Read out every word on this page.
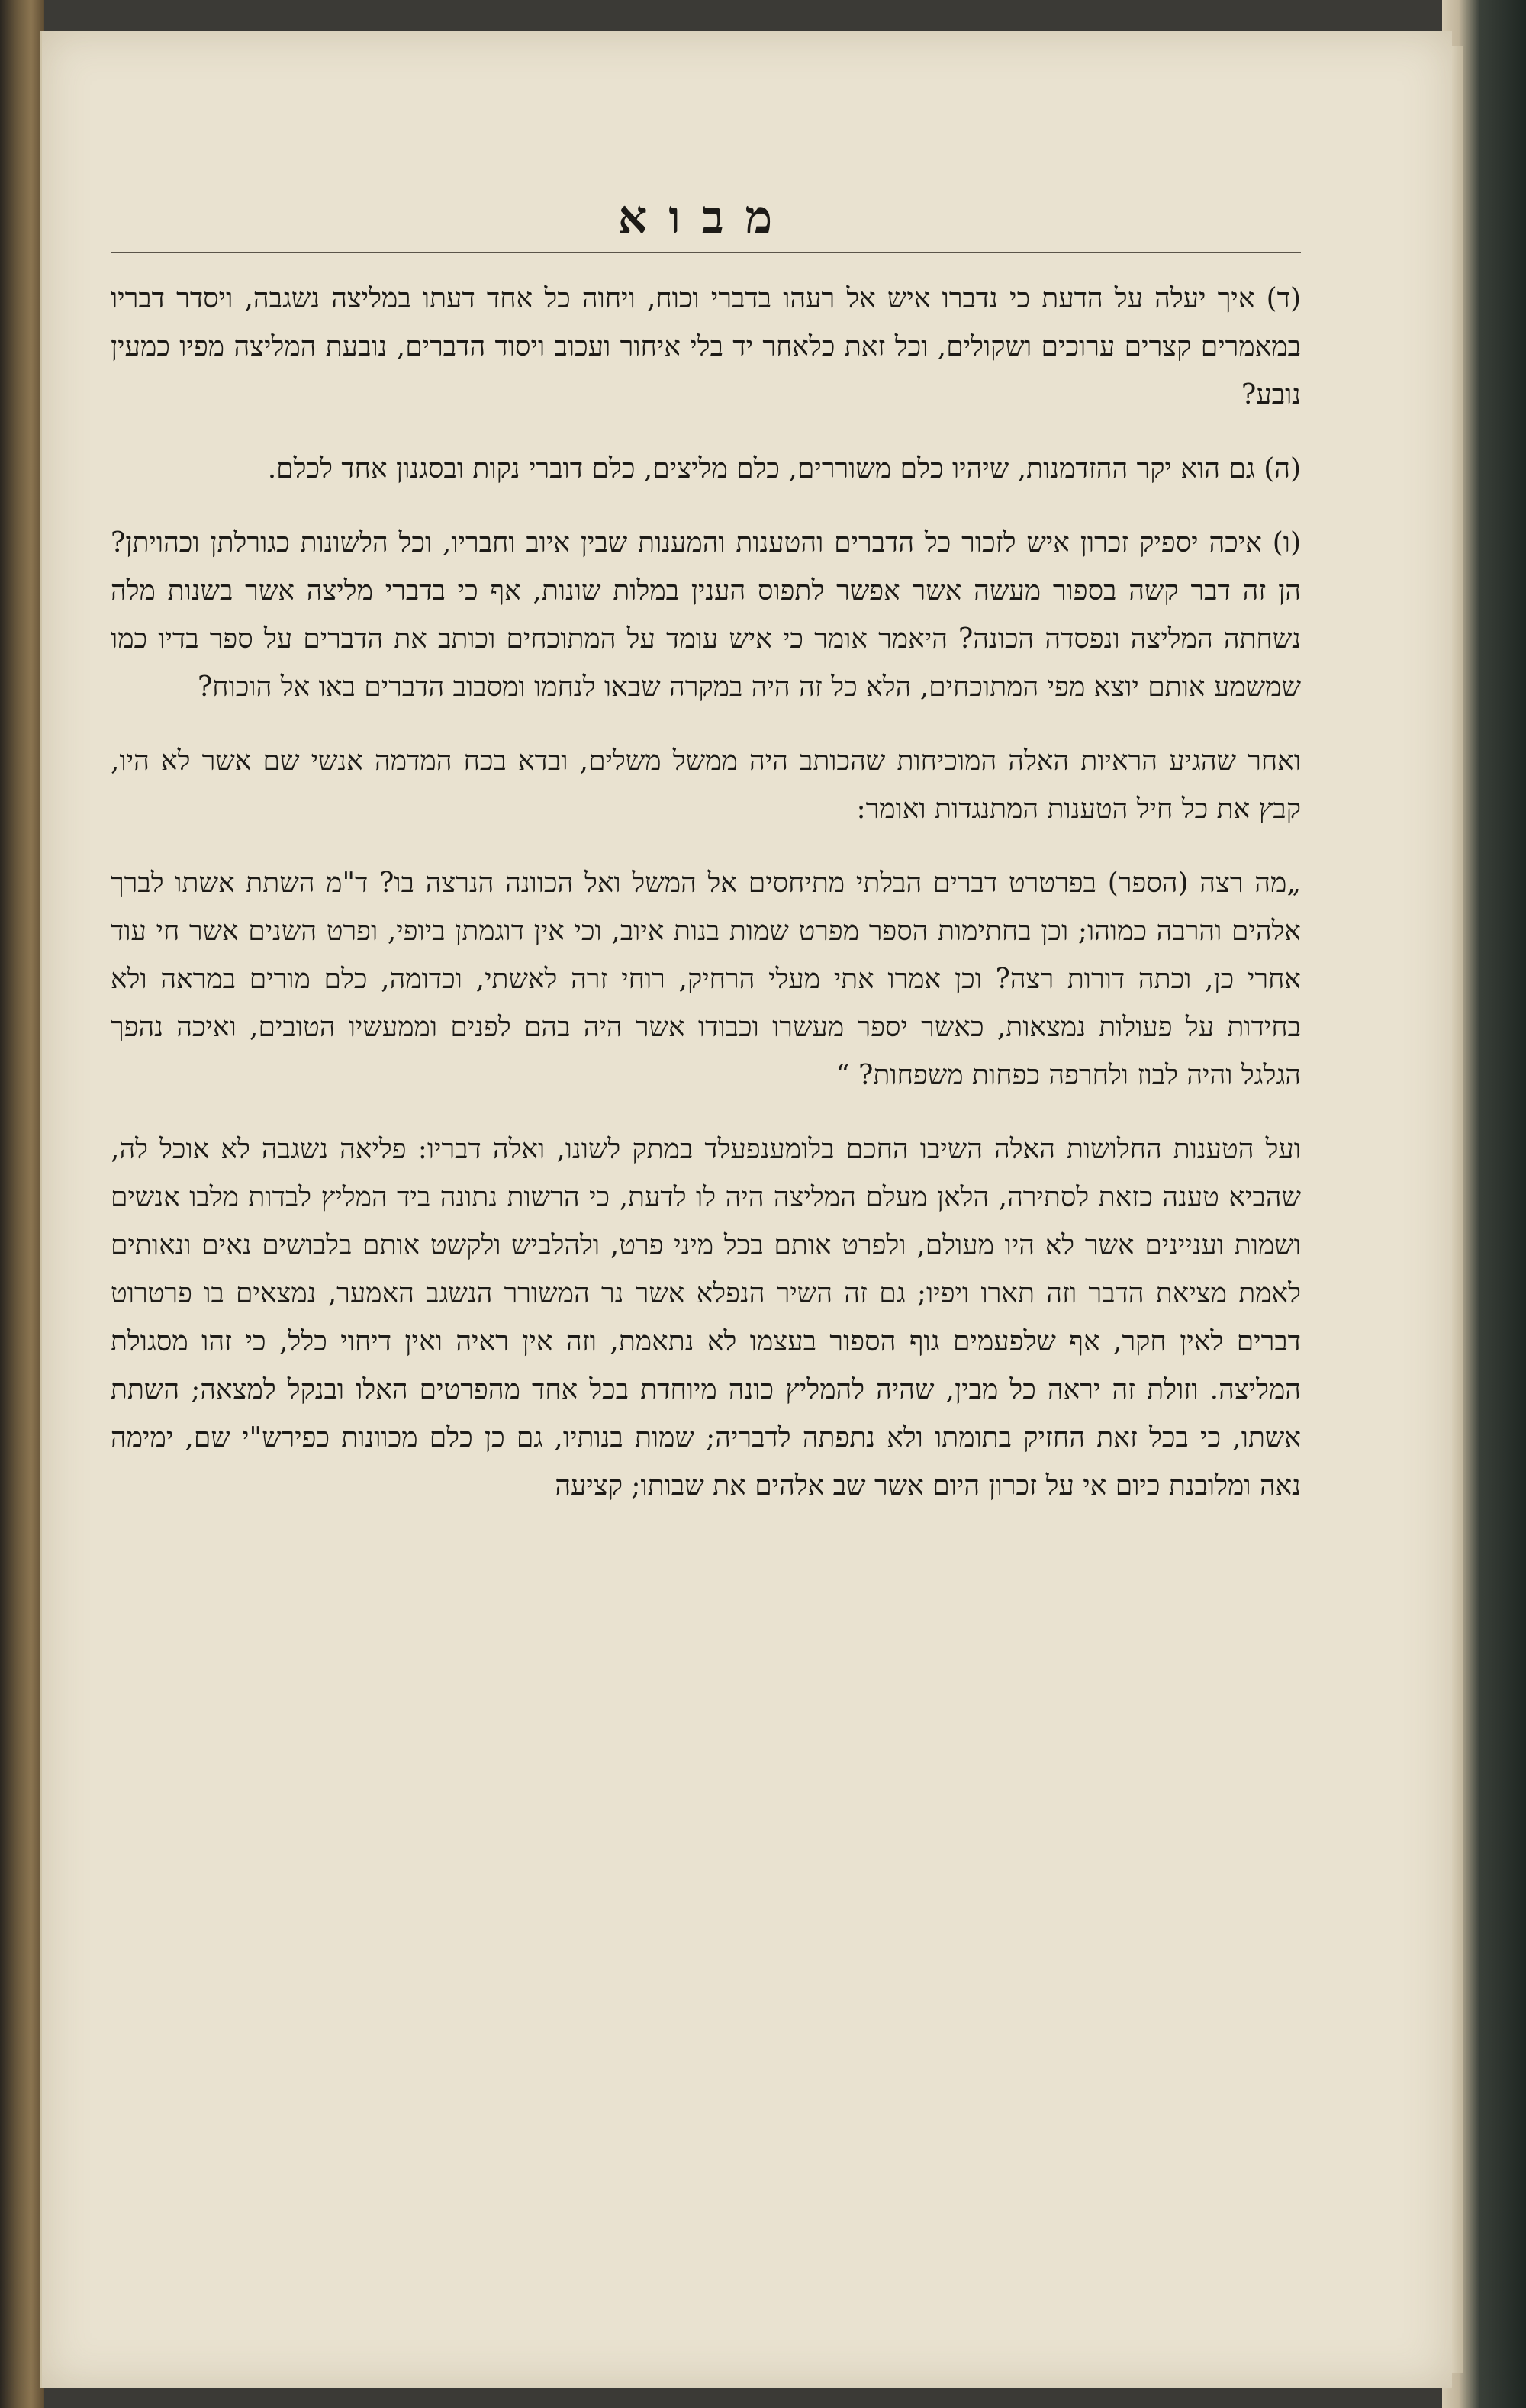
מבוא

(ד) איך יעלה על הדעת כי נדברו איש אל רעהו בדברי וכוח, ויחוה כל אחד דעתו במליצה נשגבה, ויסדר דבריו במאמרים קצרים ערוכים ושקולים, וכל זאת כלאחר יד בלי איחור ועכוב ויסוד הדברים, נובעת המליצה מפיו כמעין נובע?

(ה) גם הוא יקר ההזדמנות, שיהיו כלם משוררים, כלם מליצים, כלם דוברי נקות ובסגנון אחד לכלם.

(ו) איכה יספיק זכרון איש לזכור כל הדברים והטענות והמענות שבין איוב וחבריו, וכל הלשונות כגורלתן וכהויתן? הן זה דבר קשה בספור מעשה אשר אפשר לתפוס הענין במלות שונות, אף כי בדברי מליצה אשר בשנות מלה נשחתה המליצה ונפסדה הכונה? היאמר אומר כי איש עומד על המתוכחים וכותב את הדברים על ספר בדיו כמו שמשמע אותם יוצא מפי המתוכחים, הלא כל זה היה במקרה שבאו לנחמו ומסבוב הדברים באו אל הוכוח?

ואחר שהגיע הראיות האלה המוכיחות שהכותב היה ממשל משלים, ובדא בכח המדמה אנשי שם אשר לא היו, קבץ את כל חיל הטענות המתנגדות ואומר:

„מה רצה (הספר) בפרטרט דברים הבלתי מתיחסים אל המשל ואל הכוונה הנרצה בו? ד"מ השתת אשתו לברך אלהים והרבה כמוהו; וכן בחתימות הספר מפרט שמות בנות איוב, וכי אין דוגמתן ביופי, ופרט השנים אשר חי עוד אחרי כן, וכתה דורות רצה? וכן אמרו אתי מעלי הרחיק, רוחי זרה לאשתי, וכדומה, כלם מורים במראה ולא בחידות על פעולות נמצאות, כאשר יספר מעשרו וכבודו אשר היה בהם לפנים וממעשיו הטובים, ואיכה נהפך הגלגל והיה לבוז ולחרפה כפחות משפחות? “

ועל הטענות החלושות האלה השיבו החכם בלומענפעלד במתק לשונו, ואלה דבריו: פליאה נשגבה לא אוכל לה, שהביא טענה כזאת לסתירה, הלאן מעלם המליצה היה לו לדעת, כי הרשות נתונה ביד המליץ לבדות מלבו אנשים ושמות ועניינים אשר לא היו מעולם, ולפרט אותם בכל מיני פרט, ולהלביש ולקשט אותם בלבושים נאים ונאותים לאמת מציאת הדבר וזה תארו ויפיו; גם זה השיר הנפלא אשר נר המשורר הנשגב האמער, נמצאים בו פרטרוט דברים לאין חקר, אף שלפעמים גוף הספור בעצמו לא נתאמת, וזה אין ראיה ואין דיחוי כלל, כי זהו מסגולת המליצה. וזולת זה יראה כל מבין, שהיה להמליץ כונה מיוחדת בכל אחד מהפרטים האלו ובנקל למצאה; השתת אשתו, כי בכל זאת החזיק בתומתו ולא נתפתה לדבריה; שמות בנותיו, גם כן כלם מכוונות כפירש"י שם, ימימה נאה ומלובנת כיום אי על זכרון היום אשר שב אלהים את שבותו; קציעה
